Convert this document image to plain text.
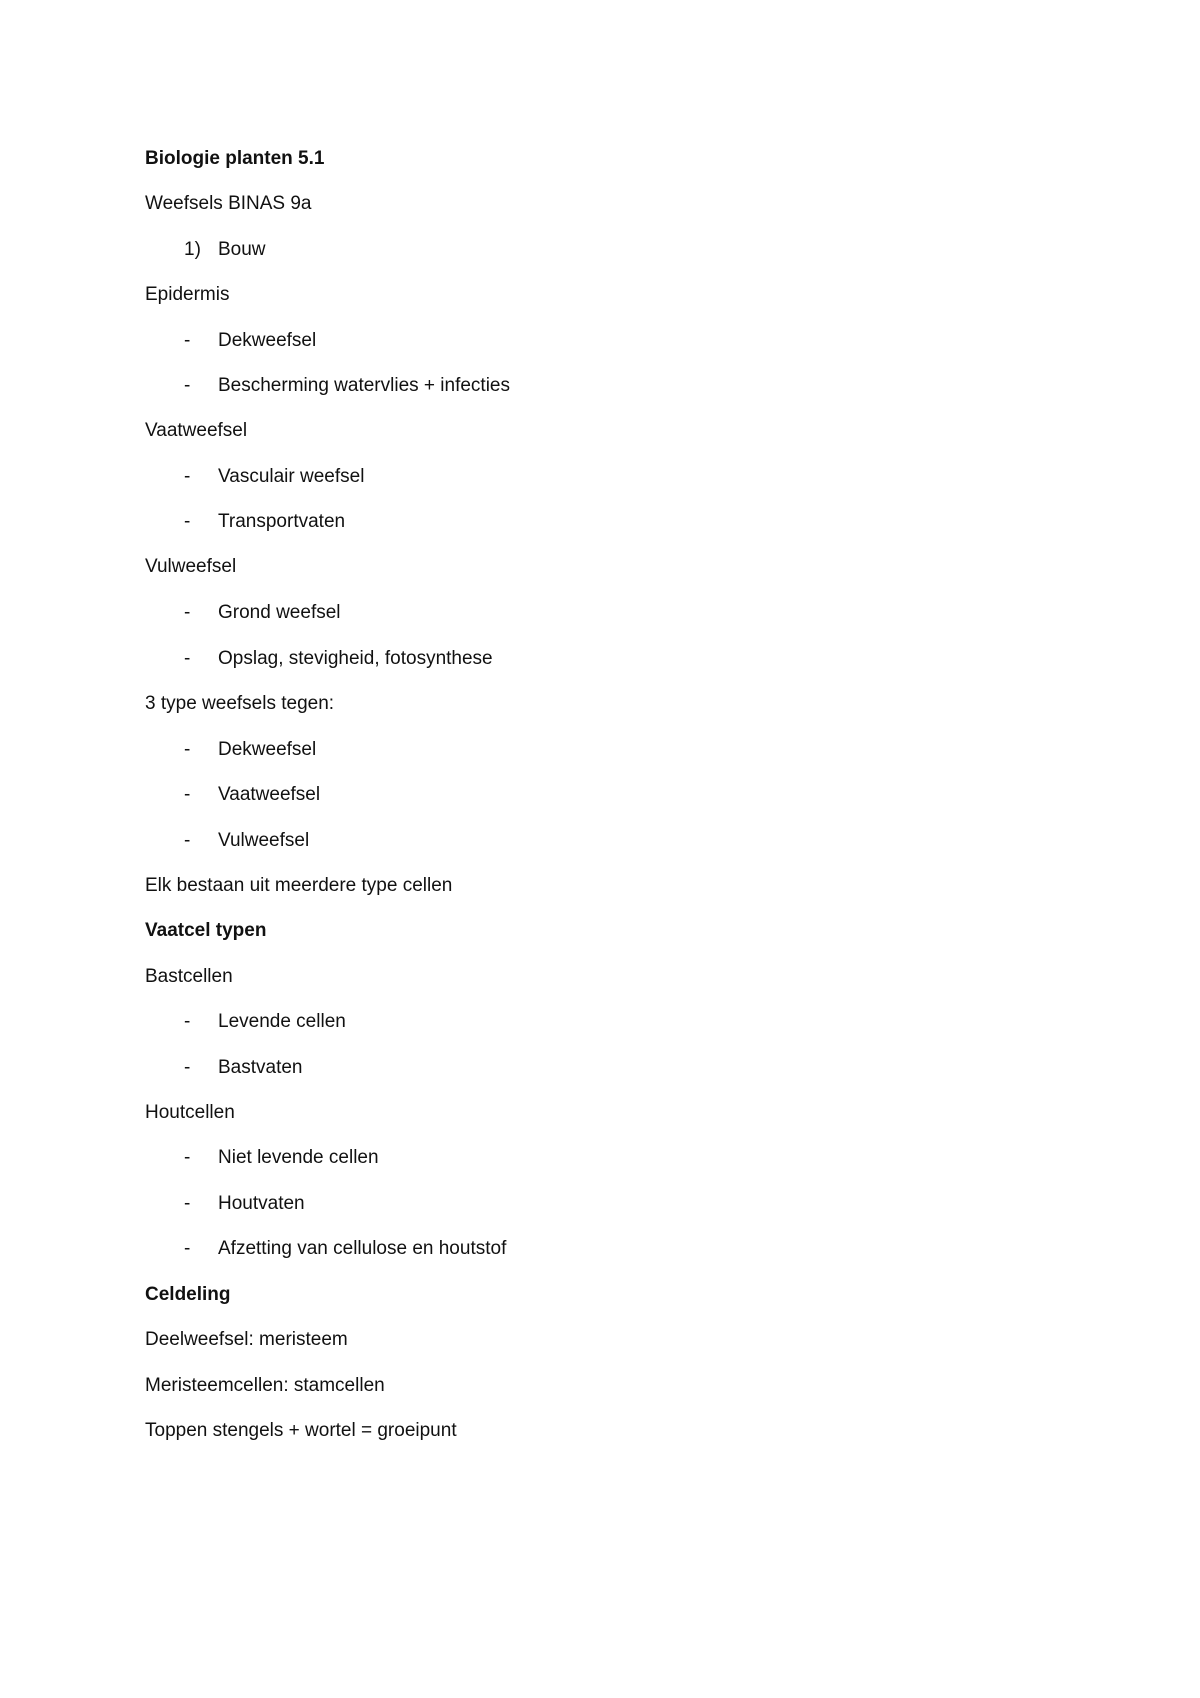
Biologie planten 5.1
Weefsels BINAS 9a
1) Bouw
Epidermis
- Dekweefsel
- Bescherming watervlies + infecties
Vaatweefsel
- Vasculair weefsel
- Transportvaten
Vulweefsel
- Grond weefsel
- Opslag, stevigheid, fotosynthese
3 type weefsels tegen:
- Dekweefsel
- Vaatweefsel
- Vulweefsel
Elk bestaan uit meerdere type cellen
Vaatcel typen
Bastcellen
- Levende cellen
- Bastvaten
Houtcellen
- Niet levende cellen
- Houtvaten
- Afzetting van cellulose en houtstof
Celdeling
Deelweefsel: meristeem
Meristeemcellen: stamcellen
Toppen stengels + wortel = groeipunt
